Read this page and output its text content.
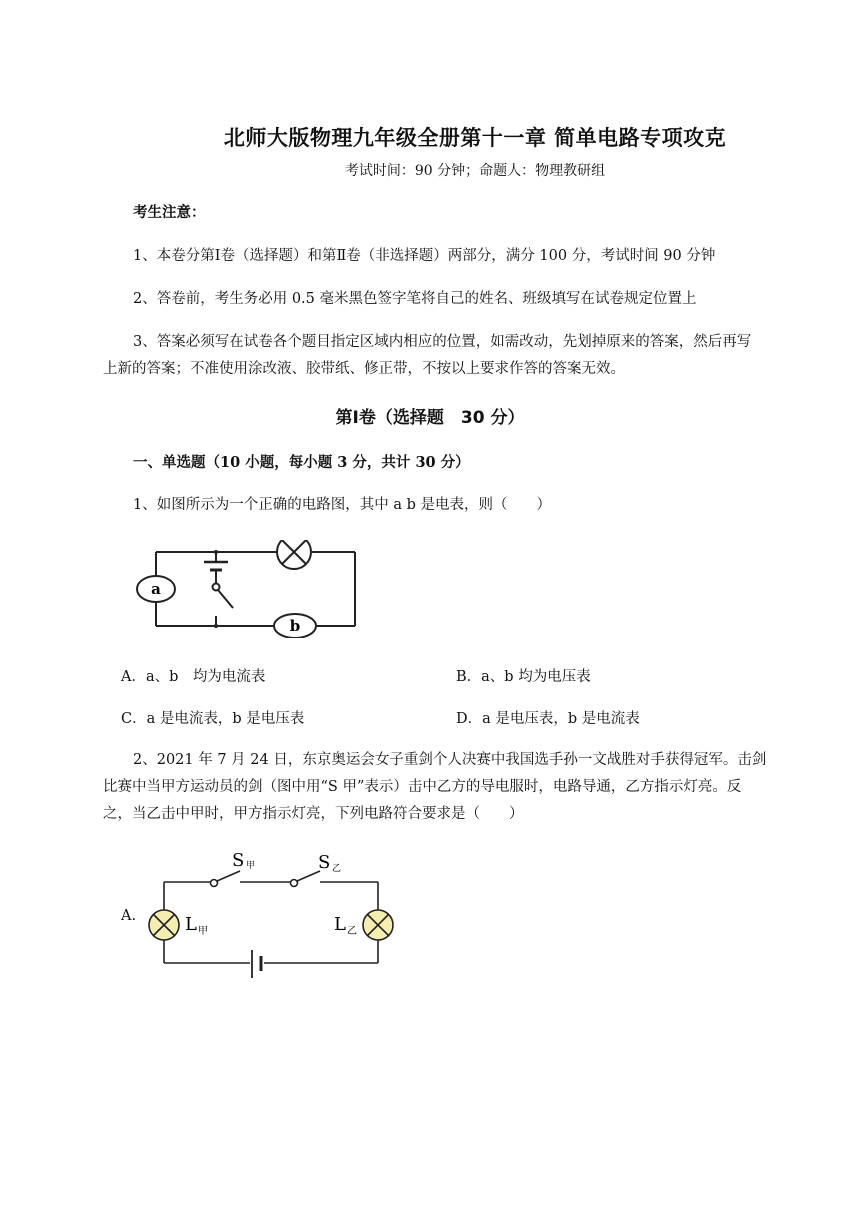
北师大版物理九年级全册第十一章 简单电路专项攻克
考试时间：90 分钟；命题人：物理教研组
考生注意：
1、本卷分第Ⅰ卷（选择题）和第Ⅱ卷（非选择题）两部分，满分 100 分，考试时间 90 分钟
2、答卷前，考生务必用 0.5 毫米黑色签字笔将自己的姓名、班级填写在试卷规定位置上
3、答案必须写在试卷各个题目指定区域内相应的位置，如需改动，先划掉原来的答案，然后再写
上新的答案；不准使用涂改液、胶带纸、修正带，不按以上要求作答的答案无效。
第Ⅰ卷（选择题　30 分）
一、单选题（10 小题，每小题 3 分，共计 30 分）
1、如图所示为一个正确的电路图，其中 a b 是电表，则（　　）
a
b
A．a、b　均为电流表	B．a、b 均为电压表
C．a 是电流表，b 是电压表	D．a 是电压表，b 是电流表
2、2021 年 7 月 24 日，东京奥运会女子重剑个人决赛中我国选手孙一文战胜对手获得冠军。击剑
比赛中当甲方运动员的剑（图中用“S 甲”表示）击中乙方的导电服时，电路导通，乙方指示灯亮。反
之，当乙击中甲时，甲方指示灯亮，下列电路符合要求是（　　）
A.
S 甲	S 乙
L 甲	L 乙
